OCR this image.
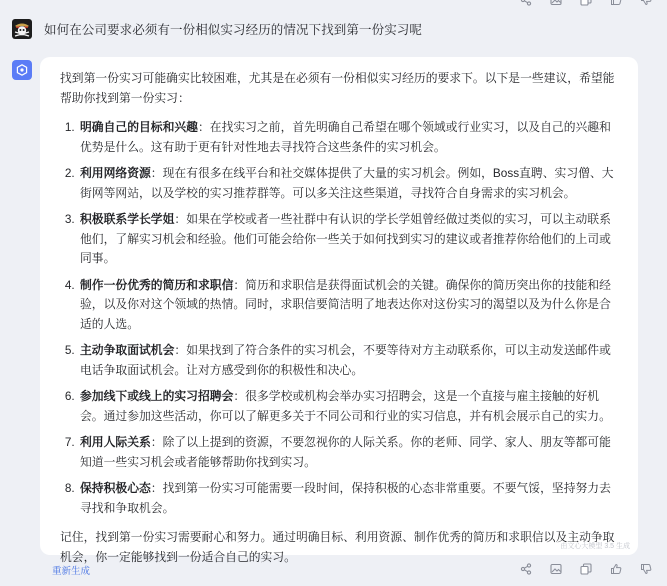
如何在公司要求必须有一份相似实习经历的情况下找到第一份实习呢

找到第一份实习可能确实比较困难，尤其是在必须有一份相似实习经历的要求下。以下是一些建议，希望能帮助你找到第一份实习：

1. 明确自己的目标和兴趣：在找实习之前，首先明确自己希望在哪个领域或行业实习，以及自己的兴趣和优势是什么。这有助于更有针对性地去寻找符合这些条件的实习机会。
2. 利用网络资源：现在有很多在线平台和社交媒体提供了大量的实习机会。例如，Boss直聘、实习僧、大街网等网站，以及学校的实习推荐群等。可以多关注这些渠道，寻找符合自身需求的实习机会。
3. 积极联系学长学姐：如果在学校或者一些社群中有认识的学长学姐曾经做过类似的实习，可以主动联系他们，了解实习机会和经验。他们可能会给你一些关于如何找到实习的建议或者推荐你给他们的上司或同事。
4. 制作一份优秀的简历和求职信：简历和求职信是获得面试机会的关键。确保你的简历突出你的技能和经验，以及你对这个领域的热情。同时，求职信要简洁明了地表达你对这份实习的渴望以及为什么你是合适的人选。
5. 主动争取面试机会：如果找到了符合条件的实习机会，不要等待对方主动联系你，可以主动发送邮件或电话争取面试机会。让对方感受到你的积极性和决心。
6. 参加线下或线上的实习招聘会：很多学校或机构会举办实习招聘会，这是一个直接与雇主接触的好机会。通过参加这些活动，你可以了解更多关于不同公司和行业的实习信息，并有机会展示自己的实力。
7. 利用人际关系：除了以上提到的资源，不要忽视你的人际关系。你的老师、同学、家人、朋友等都可能知道一些实习机会或者能够帮助你找到实习。
8. 保持积极心态：找到第一份实习可能需要一段时间，保持积极的心态非常重要。不要气馁，坚持努力去寻找和争取机会。

记住，找到第一份实习需要耐心和努力。通过明确目标、利用资源、制作优秀的简历和求职信以及主动争取机会，你一定能够找到一份适合自己的实习。

由文心大模型 3.5 生成
重新生成
